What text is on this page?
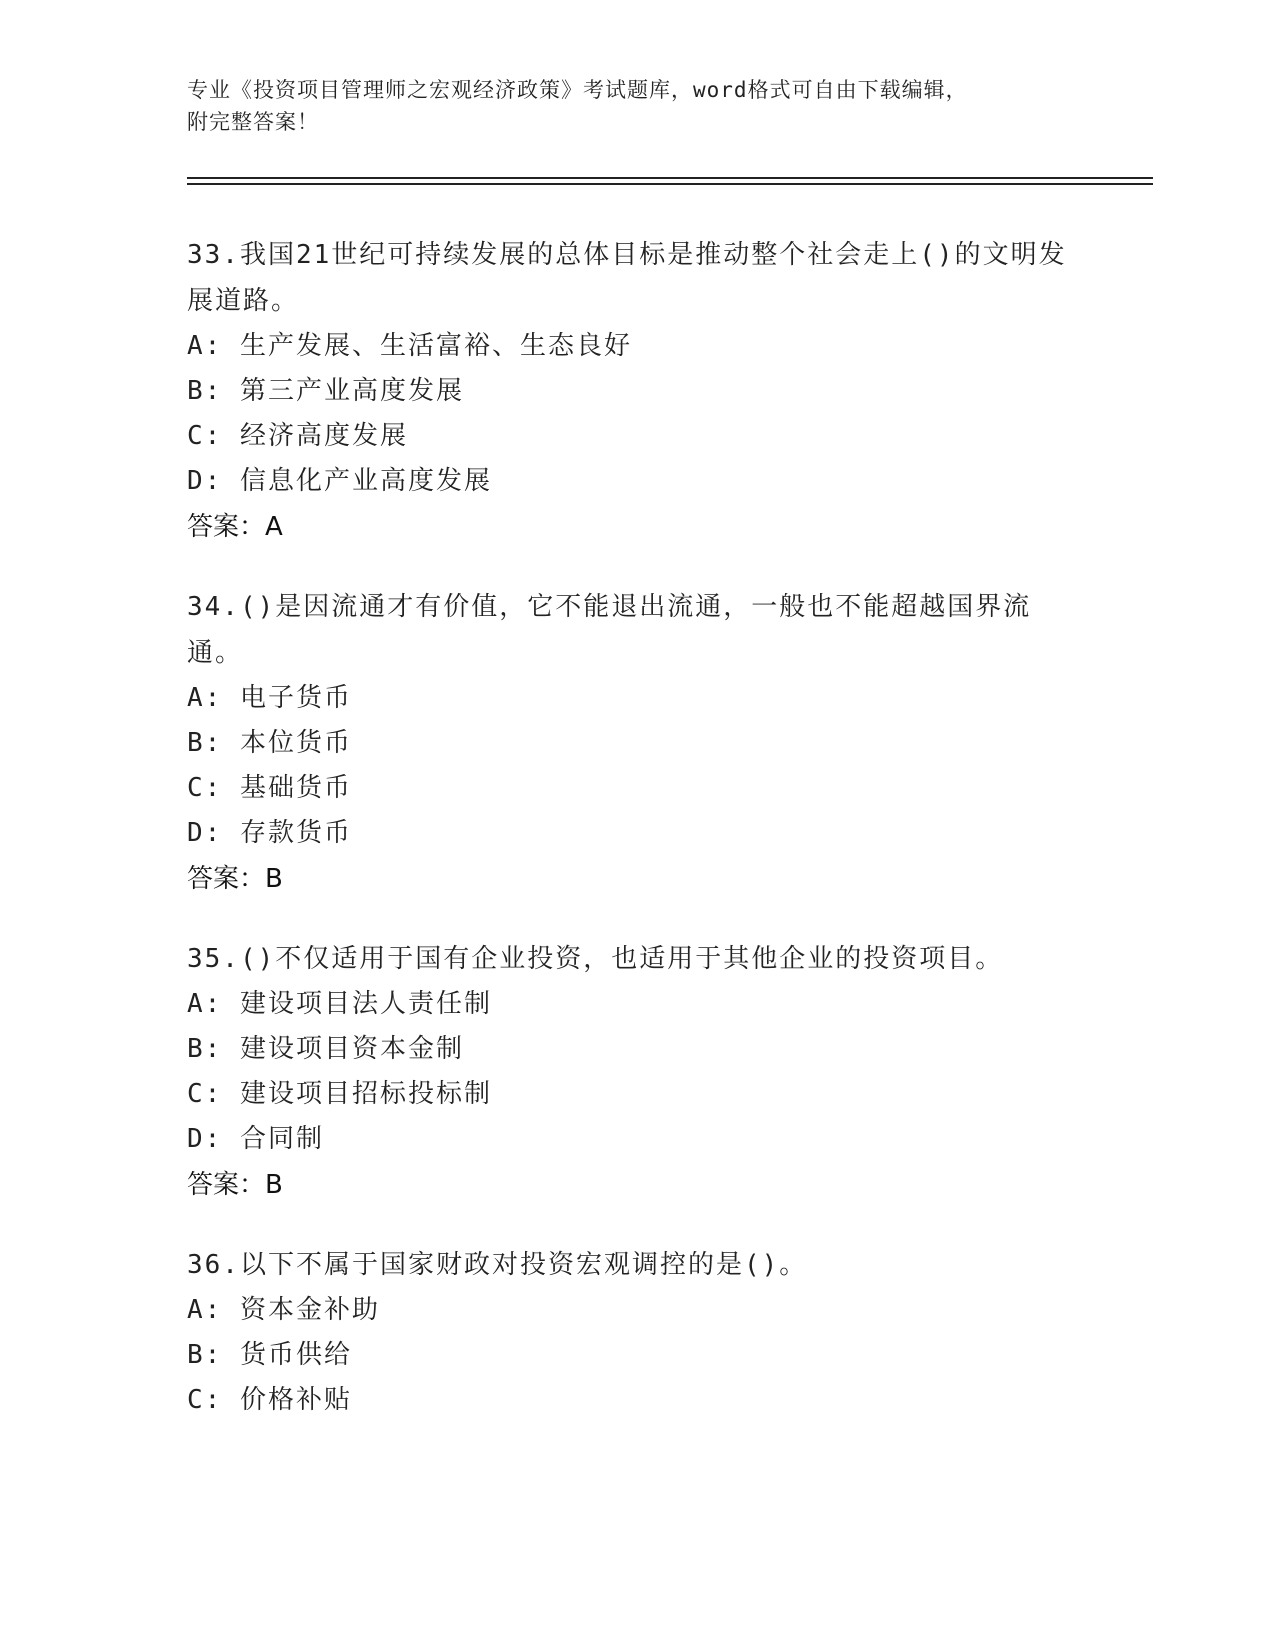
专业《投资项目管理师之宏观经济政策》考试题库，word格式可自由下载编辑，
附完整答案！

33.我国21世纪可持续发展的总体目标是推动整个社会走上()的文明发展道路。

A: 生产发展、生活富裕、生态良好
B: 第三产业高度发展
C: 经济高度发展
D: 信息化产业高度发展
答案：A

34.()是因流通才有价值，它不能退出流通，一般也不能超越国界流通。

A: 电子货币
B: 本位货币
C: 基础货币
D: 存款货币
答案：B

35.()不仅适用于国有企业投资，也适用于其他企业的投资项目。

A: 建设项目法人责任制
B: 建设项目资本金制
C: 建设项目招标投标制
D: 合同制
答案：B

36.以下不属于国家财政对投资宏观调控的是()。

A: 资本金补助
B: 货币供给
C: 价格补贴
